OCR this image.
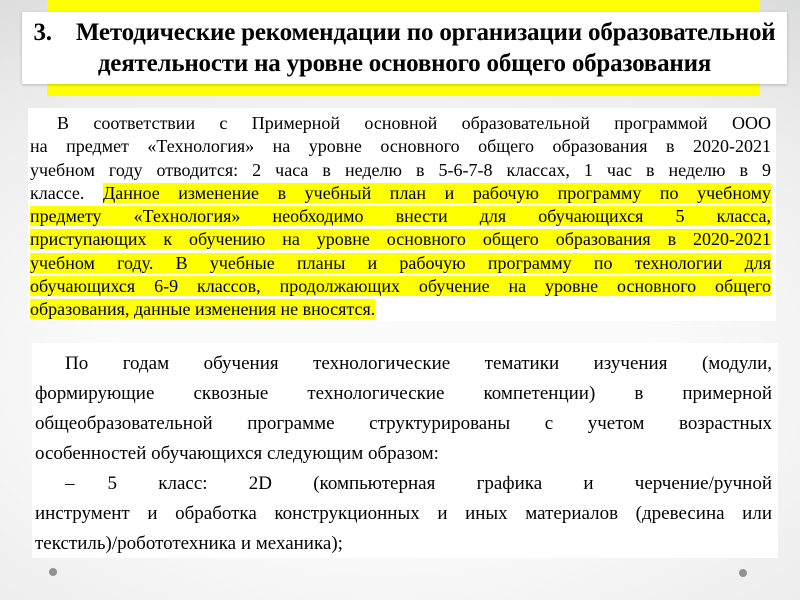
3. Методические рекомендации по организации образовательной
деятельности на уровне основного общего образования
В соответствии с Примерной основной образовательной программой ООО
на предмет «Технология» на уровне основного общего образования в 2020-2021
учебном году отводится: 2 часа в неделю в 5-6-7-8 классах, 1 час в неделю в 9
классе. Данное изменение в учебный план и рабочую программу по учебному
предмету «Технология» необходимо внести для обучающихся 5 класса,
приступающих к обучению на уровне основного общего образования в 2020-2021
учебном году. В учебные планы и рабочую программу по технологии для
обучающихся 6-9 классов, продолжающих обучение на уровне основного общего
образования, данные изменения не вносятся.
По годам обучения технологические тематики изучения (модули,
формирующие сквозные технологические компетенции) в примерной
общеобразовательной программе структурированы с учетом возрастных
особенностей обучающихся следующим образом:
– 5 класс: 2D (компьютерная графика и черчение/ручной
инструмент и обработка конструкционных и иных материалов (древесина или
текстиль)/робототехника и механика);
